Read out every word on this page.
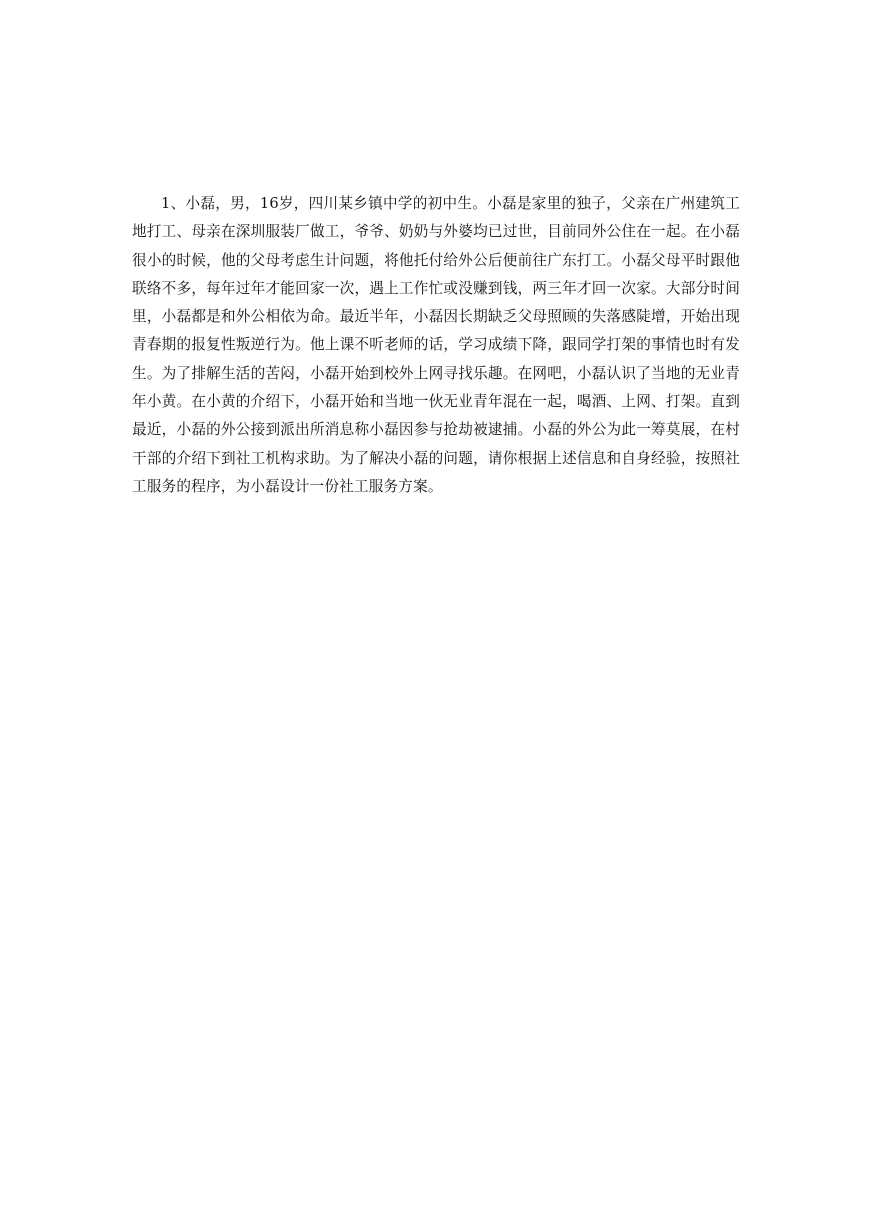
1、小磊，男，16岁，四川某乡镇中学的初中生。小磊是家里的独子，父亲在广州建筑工地打工、母亲在深圳服装厂做工，爷爷、奶奶与外婆均已过世，目前同外公住在一起。在小磊很小的时候，他的父母考虑生计问题，将他托付给外公后便前往广东打工。小磊父母平时跟他联络不多，每年过年才能回家一次，遇上工作忙或没赚到钱，两三年才回一次家。大部分时间里，小磊都是和外公相依为命。最近半年，小磊因长期缺乏父母照顾的失落感陡增，开始出现青春期的报复性叛逆行为。他上课不听老师的话，学习成绩下降，跟同学打架的事情也时有发生。为了排解生活的苦闷，小磊开始到校外上网寻找乐趣。在网吧，小磊认识了当地的无业青年小黄。在小黄的介绍下，小磊开始和当地一伙无业青年混在一起，喝酒、上网、打架。直到最近，小磊的外公接到派出所消息称小磊因参与抢劫被逮捕。小磊的外公为此一筹莫展，在村干部的介绍下到社工机构求助。为了解决小磊的问题，请你根据上述信息和自身经验，按照社工服务的程序，为小磊设计一份社工服务方案。
